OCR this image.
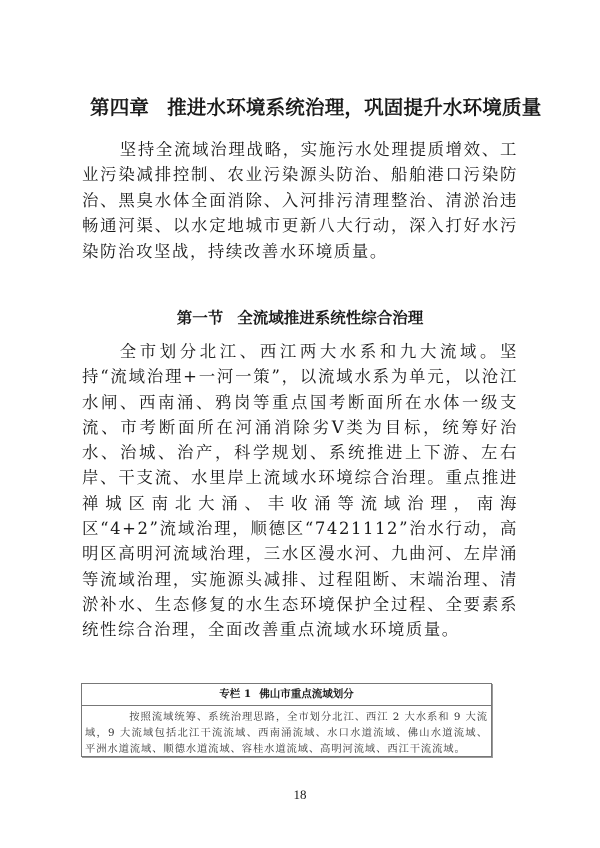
第四章 推进水环境系统治理，巩固提升水环境质量

坚持全流域治理战略，实施污水处理提质增效、工业污染减排控制、农业污染源头防治、船舶港口污染防治、黑臭水体全面消除、入河排污清理整治、清淤治违畅通河渠、以水定地城市更新八大行动，深入打好水污染防治攻坚战，持续改善水环境质量。

第一节 全流域推进系统性综合治理

全市划分北江、西江两大水系和九大流域。坚持“流域治理+一河一策”，以流域水系为单元，以沧江水闸、西南涌、鸦岗等重点国考断面所在水体一级支流、市考断面所在河涌消除劣Ⅴ类为目标，统筹好治水、治城、治产，科学规划、系统推进上下游、左右岸、干支流、水里岸上流域水环境综合治理。重点推进禅城区南北大涌、丰收涌等流域治理，南海区“4+2”流域治理，顺德区“7421112”治水行动，高明区高明河流域治理，三水区漫水河、九曲河、左岸涌等流域治理，实施源头减排、过程阻断、末端治理、清淤补水、生态修复的水生态环境保护全过程、全要素系统性综合治理，全面改善重点流域水环境质量。

专栏 1 佛山市重点流域划分

按照流域统筹、系统治理思路，全市划分北江、西江 2 大水系和 9 大流域，9 大流域包括北江干流流域、西南涌流域、水口水道流域、佛山水道流域、平洲水道流域、顺德水道流域、容桂水道流域、高明河流域、西江干流流域。

18
